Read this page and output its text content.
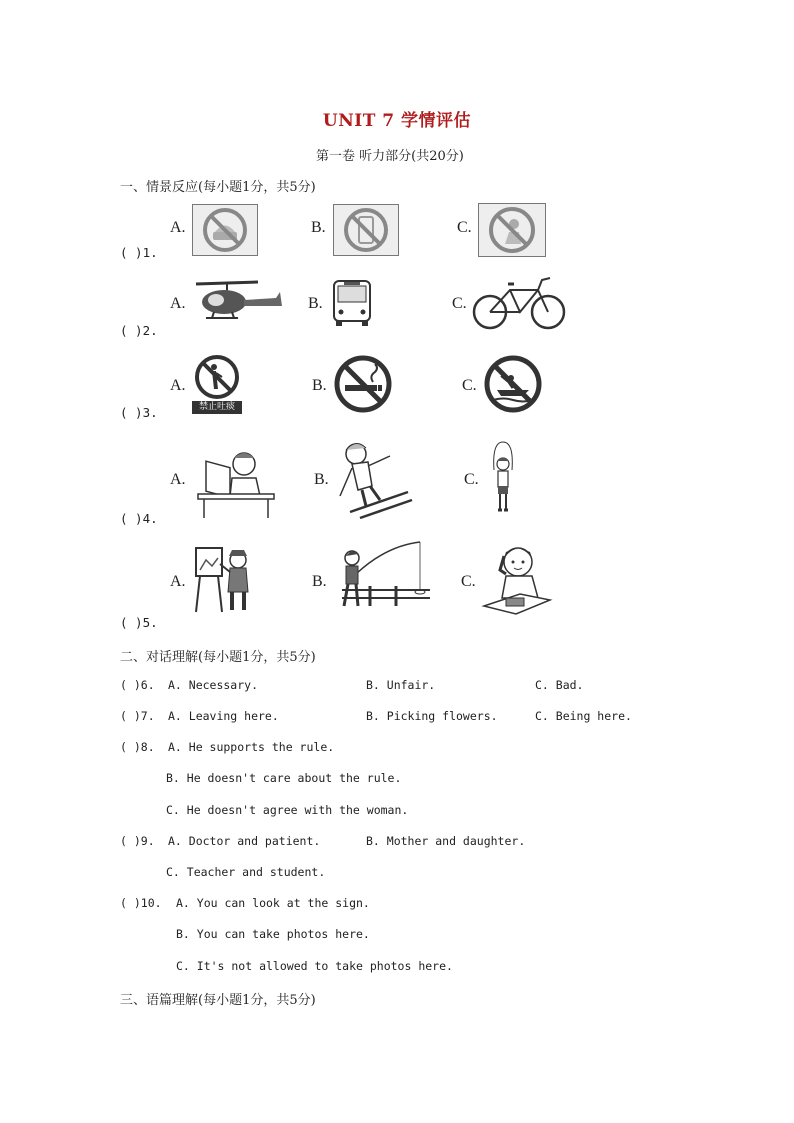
UNIT 7 学情评估
第一卷 听力部分(共20分)
一、情景反应(每小题1分，共5分)
A.	B.	C.
( )1.
A.	B.	C.
( )2.
A.
禁止吐痰
B.	C.
( )3.
A.	B.	C.
( )4.
A.	B.	C.
( )5.
二、对话理解(每小题1分，共5分)
( )6. A. Necessary.	B. Unfair.	C. Bad.
( )7. A. Leaving here.	B. Picking flowers.	C. Being here.
( )8. A. He supports the rule.
B. He doesn't care about the rule.
C. He doesn't agree with the woman.
( )9. A. Doctor and patient.	B. Mother and daughter.
C. Teacher and student.
( )10. A. You can look at the sign.
B. You can take photos here.
C. It's not allowed to take photos here.
三、语篇理解(每小题1分，共5分)
